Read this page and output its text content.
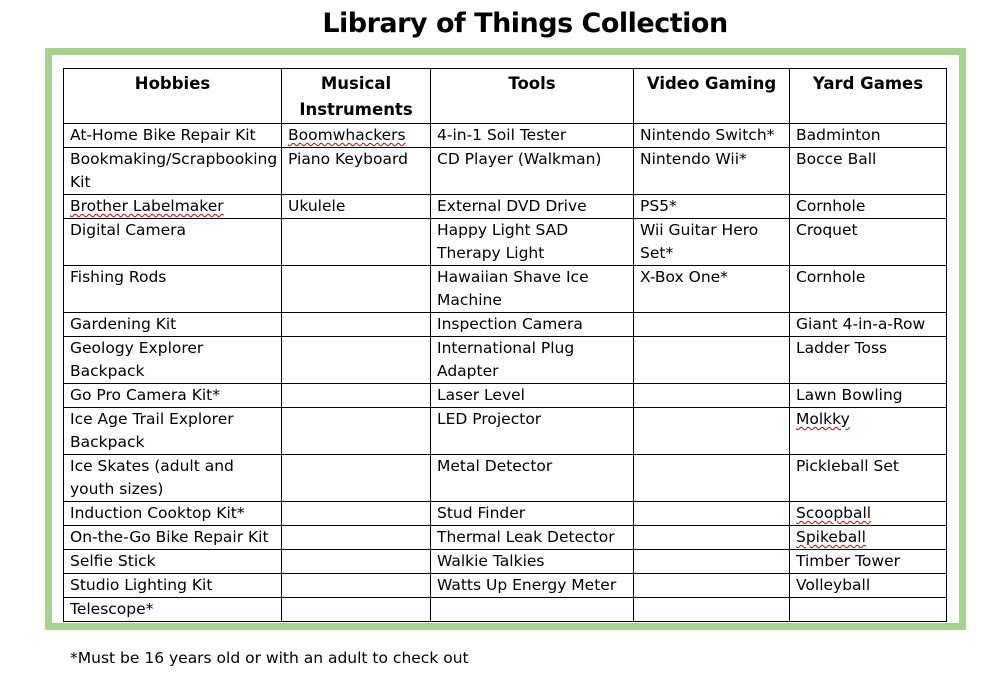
Library of Things Collection
Hobbies	Musical Instruments	Tools	Video Gaming	Yard Games
At-Home Bike Repair Kit	Boomwhackers	4-in-1 Soil Tester	Nintendo Switch*	Badminton
Bookmaking/Scrapbooking Kit	Piano Keyboard	CD Player (Walkman)	Nintendo Wii*	Bocce Ball
Brother Labelmaker	Ukulele	External DVD Drive	PS5*	Cornhole
Digital Camera		Happy Light SAD Therapy Light	Wii Guitar Hero Set*	Croquet
Fishing Rods		Hawaiian Shave Ice Machine	X-Box One*	Cornhole
Gardening Kit		Inspection Camera		Giant 4-in-a-Row
Geology Explorer Backpack		International Plug Adapter		Ladder Toss
Go Pro Camera Kit*		Laser Level		Lawn Bowling
Ice Age Trail Explorer Backpack		LED Projector		Molkky
Ice Skates (adult and youth sizes)		Metal Detector		Pickleball Set
Induction Cooktop Kit*		Stud Finder		Scoopball
On-the-Go Bike Repair Kit		Thermal Leak Detector		Spikeball
Selfie Stick		Walkie Talkies		Timber Tower
Studio Lighting Kit		Watts Up Energy Meter		Volleyball
Telescope*				
*Must be 16 years old or with an adult to check out
